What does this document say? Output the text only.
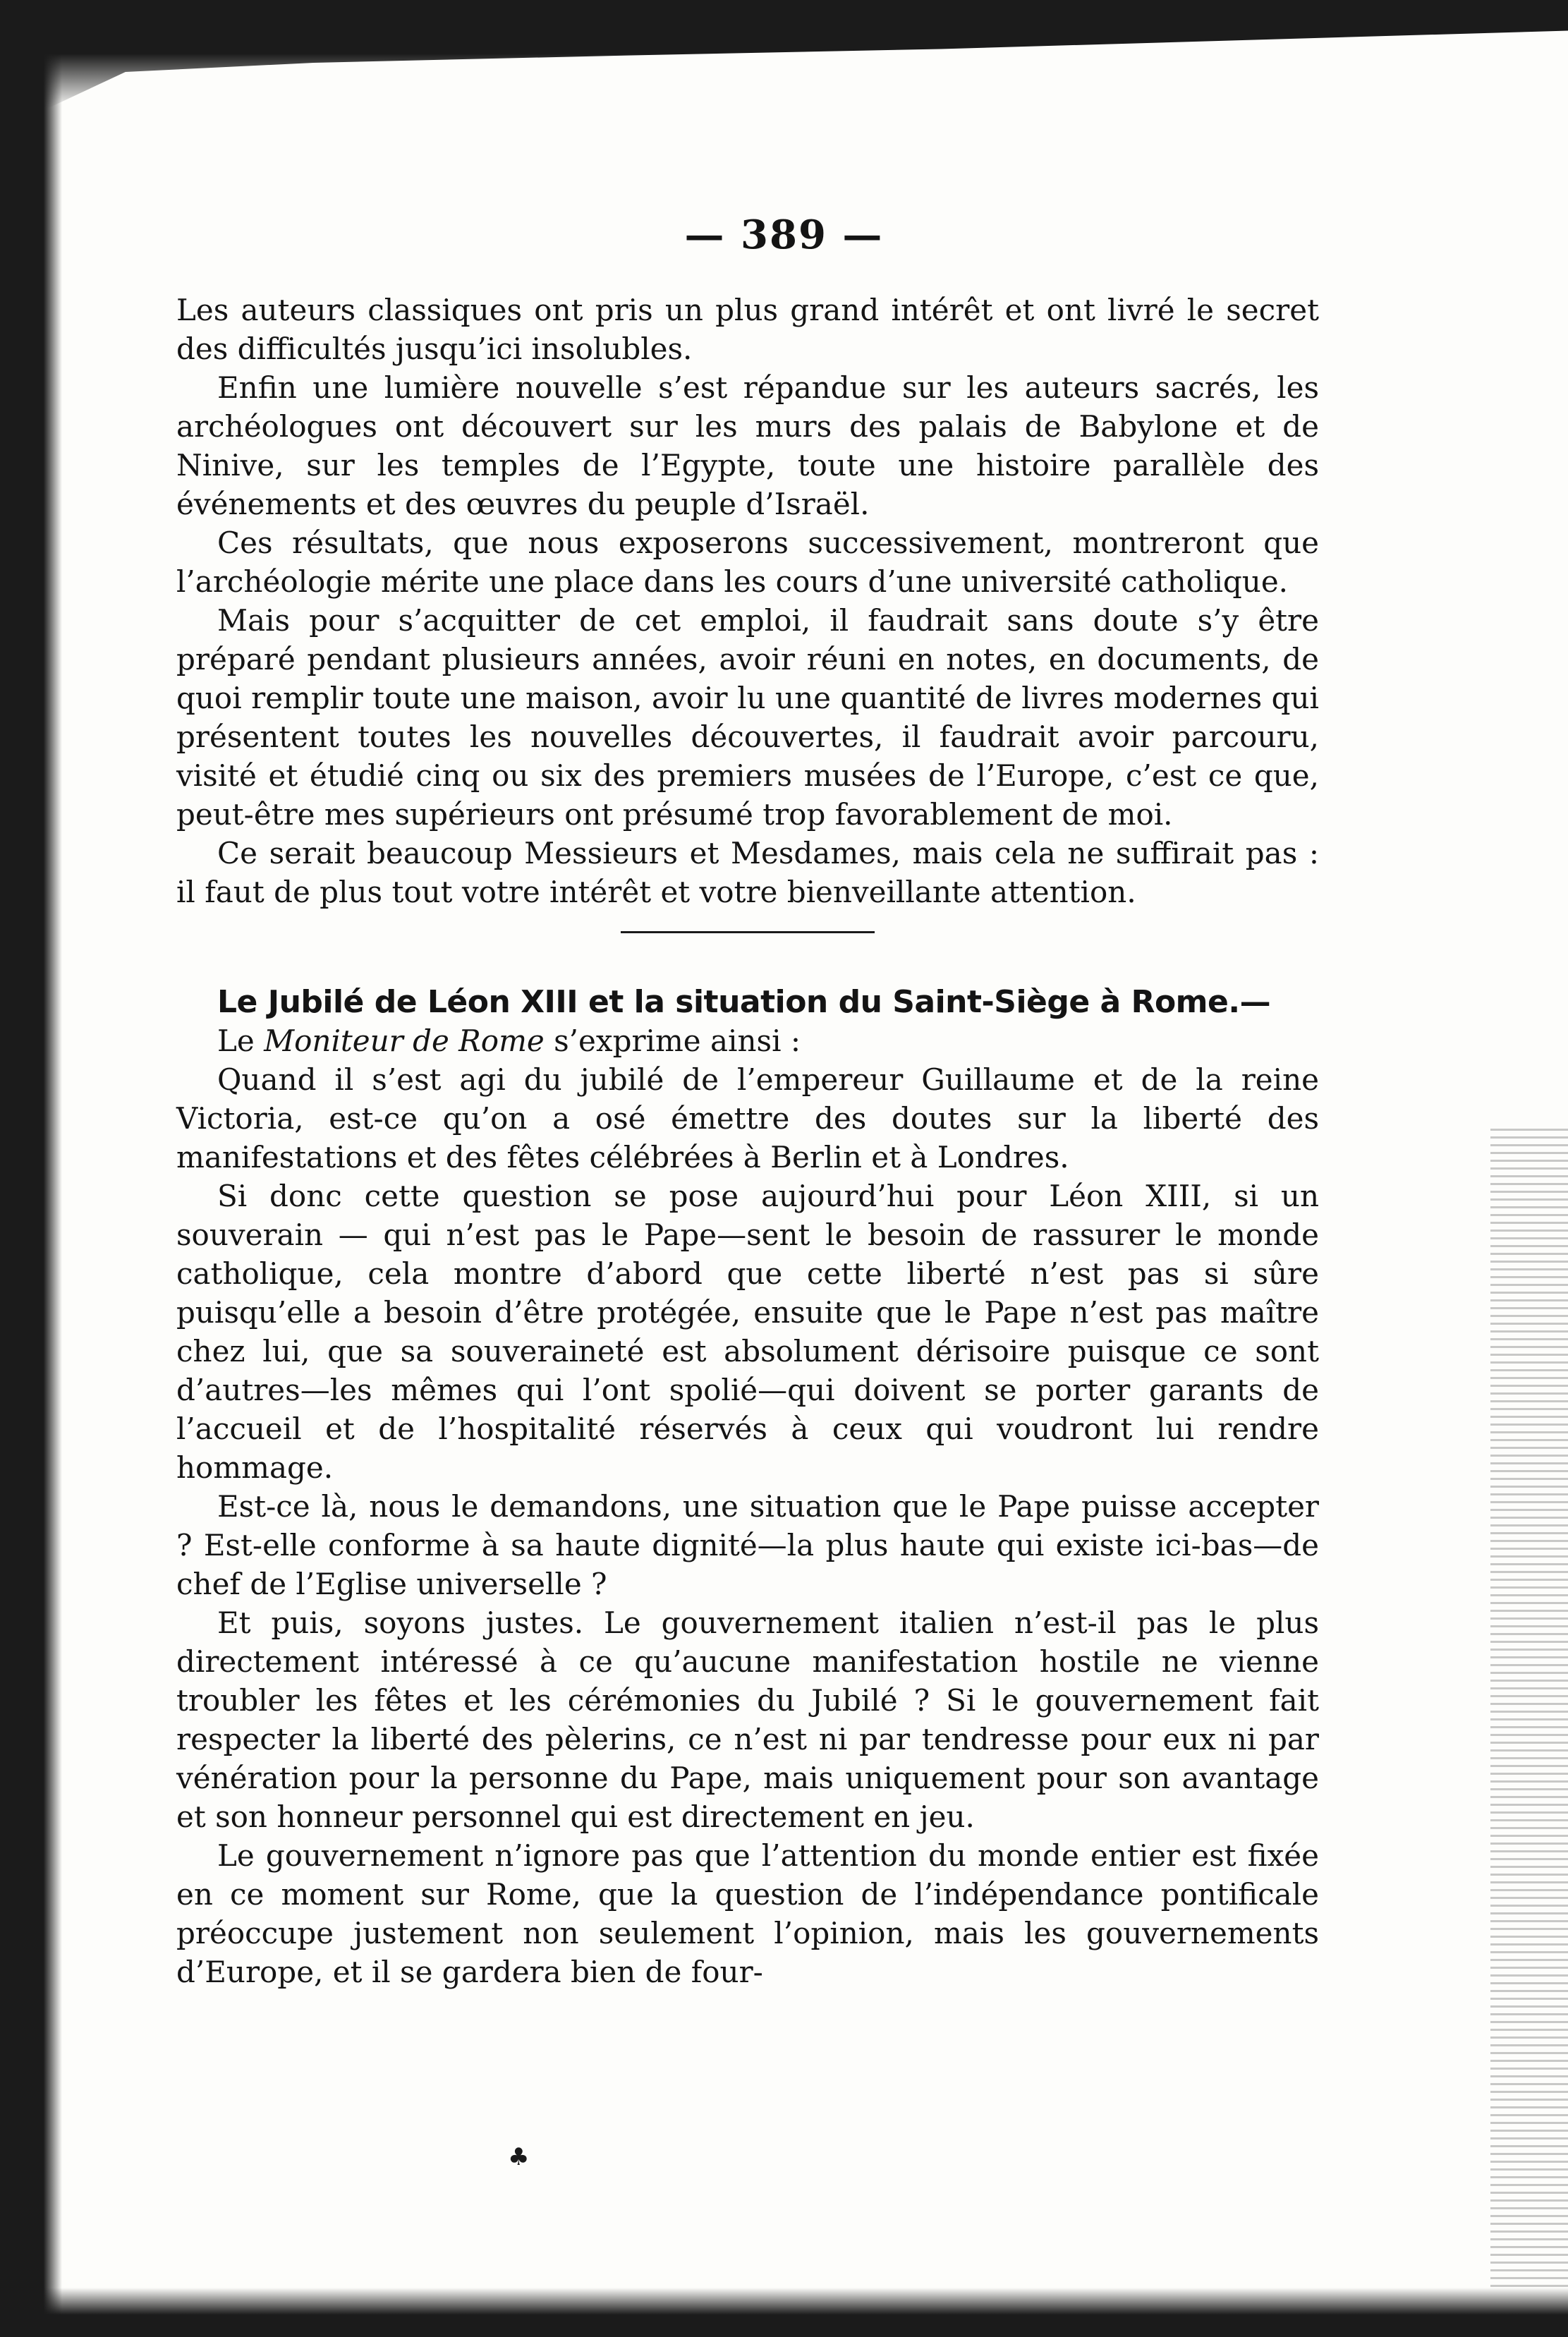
— 389 —

Les auteurs classiques ont pris un plus grand intérêt et ont livré le secret des difficultés jusqu’ici insolubles.

Enfin une lumière nouvelle s’est répandue sur les auteurs sacrés, les archéologues ont découvert sur les murs des palais de Babylone et de Ninive, sur les temples de l’Egypte, toute une histoire parallèle des événements et des œuvres du peuple d’Israël.

Ces résultats, que nous exposerons successivement, montreront que l’archéologie mérite une place dans les cours d’une université catholique.

Mais pour s’acquitter de cet emploi, il faudrait sans doute s’y être préparé pendant plusieurs années, avoir réuni en notes, en documents, de quoi remplir toute une maison, avoir lu une quantité de livres modernes qui présentent toutes les nouvelles découvertes, il faudrait avoir parcouru, visité et étudié cinq ou six des premiers musées de l’Europe, c’est ce que, peut-être mes supérieurs ont présumé trop favorablement de moi.

Ce serait beaucoup Messieurs et Mesdames, mais cela ne suffirait pas : il faut de plus tout votre intérêt et votre bienveillante attention.

Le Jubilé de Léon XIII et la situation du Saint-Siège à Rome.—

Le Moniteur de Rome s’exprime ainsi :

Quand il s’est agi du jubilé de l’empereur Guillaume et de la reine Victoria, est-ce qu’on a osé émettre des doutes sur la liberté des manifestations et des fêtes célébrées à Berlin et à Londres.

Si donc cette question se pose aujourd’hui pour Léon XIII, si un souverain — qui n’est pas le Pape—sent le besoin de rassurer le monde catholique, cela montre d’abord que cette liberté n’est pas si sûre puisqu’elle a besoin d’être protégée, ensuite que le Pape n’est pas maître chez lui, que sa souveraineté est absolument dérisoire puisque ce sont d’autres—les mêmes qui l’ont spolié—qui doivent se porter garants de l’accueil et de l’hospitalité réservés à ceux qui voudront lui rendre hommage.

Est-ce là, nous le demandons, une situation que le Pape puisse accepter ? Est-elle conforme à sa haute dignité—la plus haute qui existe ici-bas—de chef de l’Eglise universelle ?

Et puis, soyons justes. Le gouvernement italien n’est-il pas le plus directement intéressé à ce qu’aucune manifestation hostile ne vienne troubler les fêtes et les cérémonies du Jubilé ? Si le gouvernement fait respecter la liberté des pèlerins, ce n’est ni par tendresse pour eux ni par vénération pour la personne du Pape, mais uniquement pour son avantage et son honneur personnel qui est directement en jeu.

Le gouvernement n’ignore pas que l’attention du monde entier est fixée en ce moment sur Rome, que la question de l’indépendance pontificale préoccupe justement non seulement l’opinion, mais les gouvernements d’Europe, et il se gardera bien de four-

♣
